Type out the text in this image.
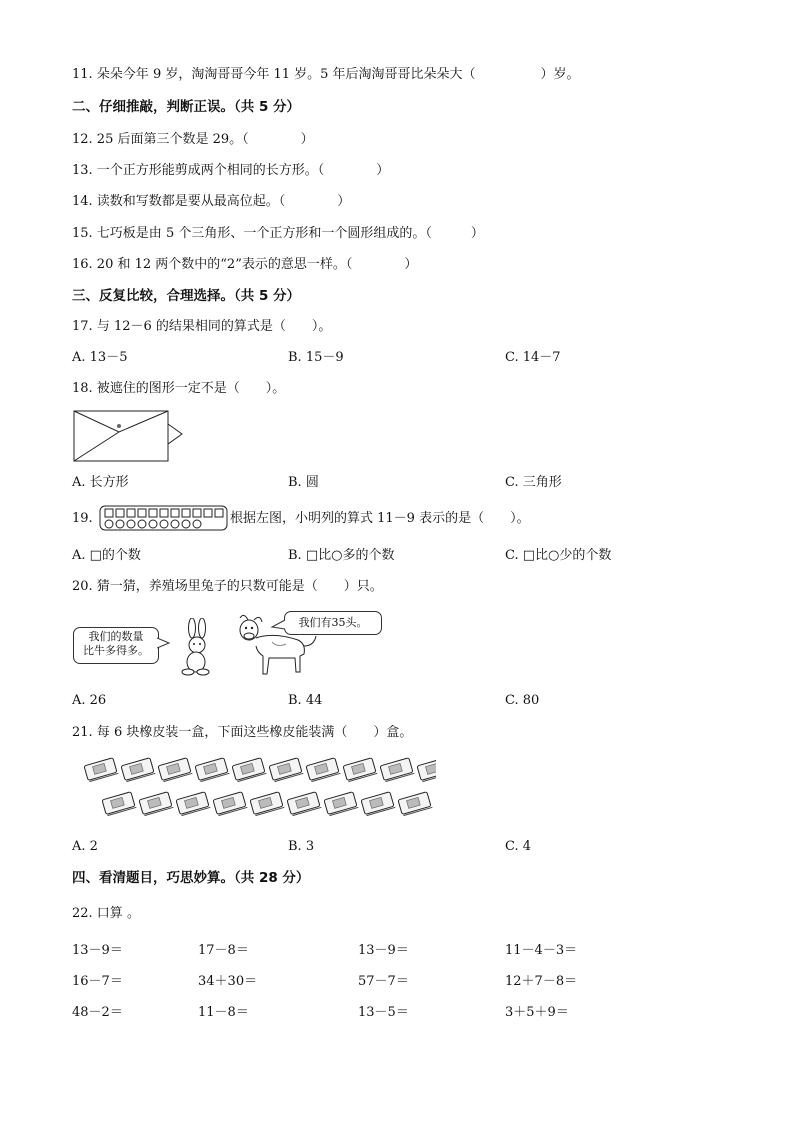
11. 朵朵今年 9 岁，淘淘哥哥今年 11 岁。5 年后淘淘哥哥比朵朵大（　　　　　）岁。
二、仔细推敲，判断正误。（共 5 分）
12. 25 后面第三个数是 29。（　　　　）
13. 一个正方形能剪成两个相同的长方形。（　　　　）
14. 读数和写数都是要从最高位起。（　　　　）
15. 七巧板是由 5 个三角形、一个正方形和一个圆形组成的。（　　　）
16. 20 和 12 两个数中的“2”表示的意思一样。（　　　　）
三、反复比较，合理选择。（共 5 分）
17. 与 12－6 的结果相同的算式是（　　）。
A. 13－5	B. 15－9	C. 14－7
18. 被遮住的图形一定不是（　　）。
A. 长方形	B. 圆	C. 三角形
19.	根据左图，小明列的算式 11－9 表示的是（　　）。
A. □的个数	B. □比○多的个数	C. □比○少的个数
20. 猜一猜，养殖场里兔子的只数可能是（　　）只。
我们的数量
比牛多得多。
我们有35头。
A. 26	B. 44	C. 80
21. 每 6 块橡皮装一盒，下面这些橡皮能装满（　　）盒。
A. 2	B. 3	C. 4
四、看清题目，巧思妙算。（共 28 分）
22. 口算 。
13－9＝	17－8＝	13－9＝	11－4－3＝
16－7＝	34＋30＝	57－7＝	12＋7－8＝
48－2＝	11－8＝	13－5＝	3＋5＋9＝
